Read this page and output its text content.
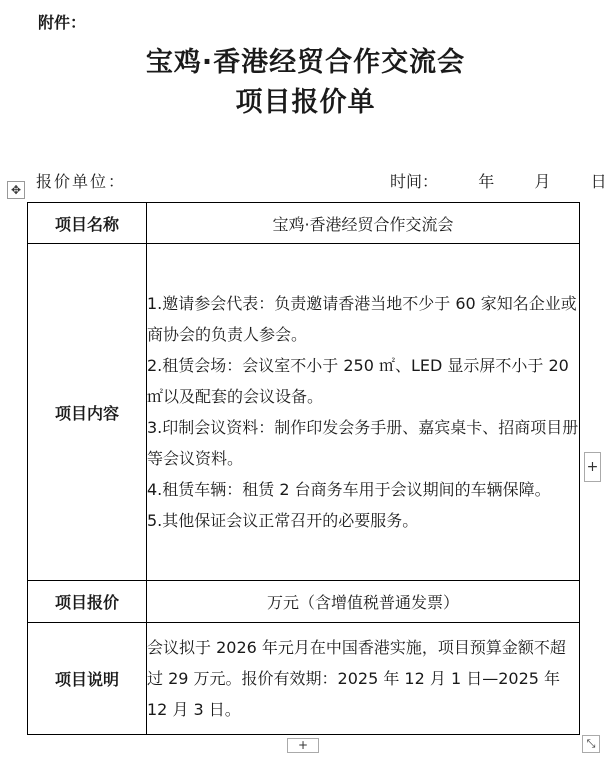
附件：
宝鸡·香港经贸合作交流会
项目报价单
报价单位：	时间：	年	月	日
✥
项目名称	宝鸡·香港经贸合作交流会
项目内容	1.邀请参会代表：负责邀请香港当地不少于 60 家知名企业或商协会的负责人参会。

2.租赁会场：会议室不小于 250 ㎡、LED 显示屏不小于 20 ㎡以及配套的会议设备。

3.印制会议资料：制作印发会务手册、嘉宾桌卡、招商项目册等会议资料。

4.租赁车辆：租赁 2 台商务车用于会议期间的车辆保障。

5.其他保证会议正常召开的必要服务。

项目报价	万元（含增值税普通发票）
项目说明	会议拟于 2026 年元月在中国香港实施，项目预算金额不超过 29 万元。报价有效期：2025 年 12 月 1 日—2025 年 12 月 3 日。

+
+	⤡
